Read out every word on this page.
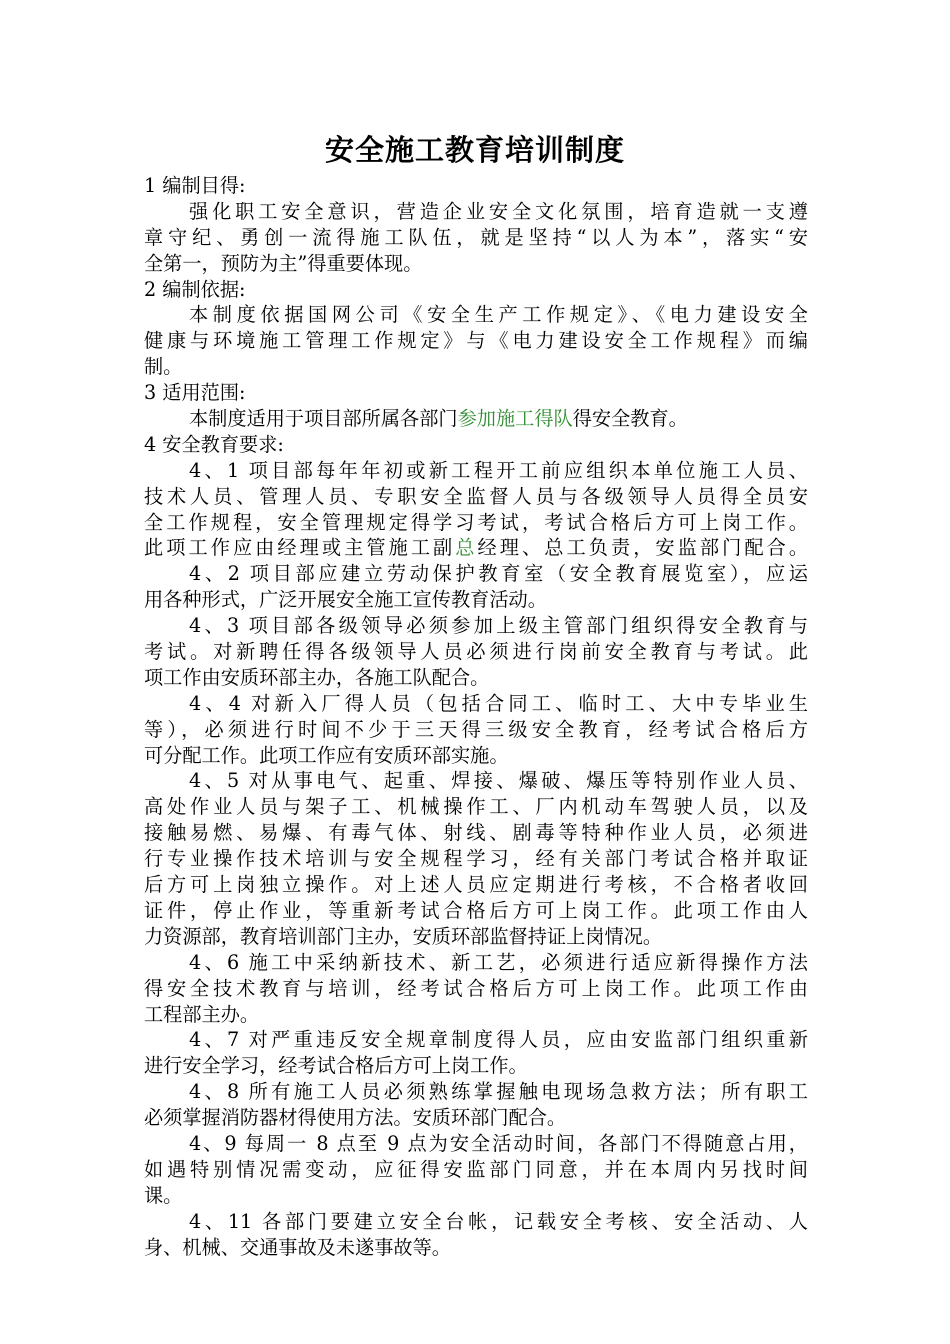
安全施工教育培训制度
1 编制目得:
强化职工安全意识，营造企业安全文化氛围，培育造就一支遵
章守纪、勇创一流得施工队伍，就是坚持“以人为本”，落实“安
全第一，预防为主”得重要体现。
2 编制依据:
本制度依据国网公司《安全生产工作规定》、《电力建设安全
健康与环境施工管理工作规定》与《电力建设安全工作规程》而编
制。
3 适用范围:
本制度适用于项目部所属各部门参加施工得队得安全教育。
4 安全教育要求:
4、1 项目部每年年初或新工程开工前应组织本单位施工人员、
技术人员、管理人员、专职安全监督人员与各级领导人员得全员安
全工作规程，安全管理规定得学习考试，考试合格后方可上岗工作。
此项工作应由经理或主管施工副总经理、总工负责，安监部门配合。
4、2 项目部应建立劳动保护教育室（安全教育展览室），应运
用各种形式，广泛开展安全施工宣传教育活动。
4、3 项目部各级领导必须参加上级主管部门组织得安全教育与
考试。对新聘任得各级领导人员必须进行岗前安全教育与考试。此
项工作由安质环部主办，各施工队配合。
4、4 对新入厂得人员（包括合同工、临时工、大中专毕业生
等），必须进行时间不少于三天得三级安全教育，经考试合格后方
可分配工作。此项工作应有安质环部实施。
4、5 对从事电气、起重、焊接、爆破、爆压等特别作业人员、
高处作业人员与架子工、机械操作工、厂内机动车驾驶人员，以及
接触易燃、易爆、有毒气体、射线、剧毒等特种作业人员，必须进
行专业操作技术培训与安全规程学习，经有关部门考试合格并取证
后方可上岗独立操作。对上述人员应定期进行考核，不合格者收回
证件，停止作业，等重新考试合格后方可上岗工作。此项工作由人
力资源部，教育培训部门主办，安质环部监督持证上岗情况。
4、6 施工中采纳新技术、新工艺，必须进行适应新得操作方法
得安全技术教育与培训，经考试合格后方可上岗工作。此项工作由
工程部主办。
4、7 对严重违反安全规章制度得人员，应由安监部门组织重新
进行安全学习，经考试合格后方可上岗工作。
4、8 所有施工人员必须熟练掌握触电现场急救方法；所有职工
必须掌握消防器材得使用方法。安质环部门配合。
4、9 每周一 8 点至 9 点为安全活动时间，各部门不得随意占用，
如遇特别情况需变动，应征得安监部门同意，并在本周内另找时间
课。
4、11 各部门要建立安全台帐，记载安全考核、安全活动、人
身、机械、交通事故及未遂事故等。
